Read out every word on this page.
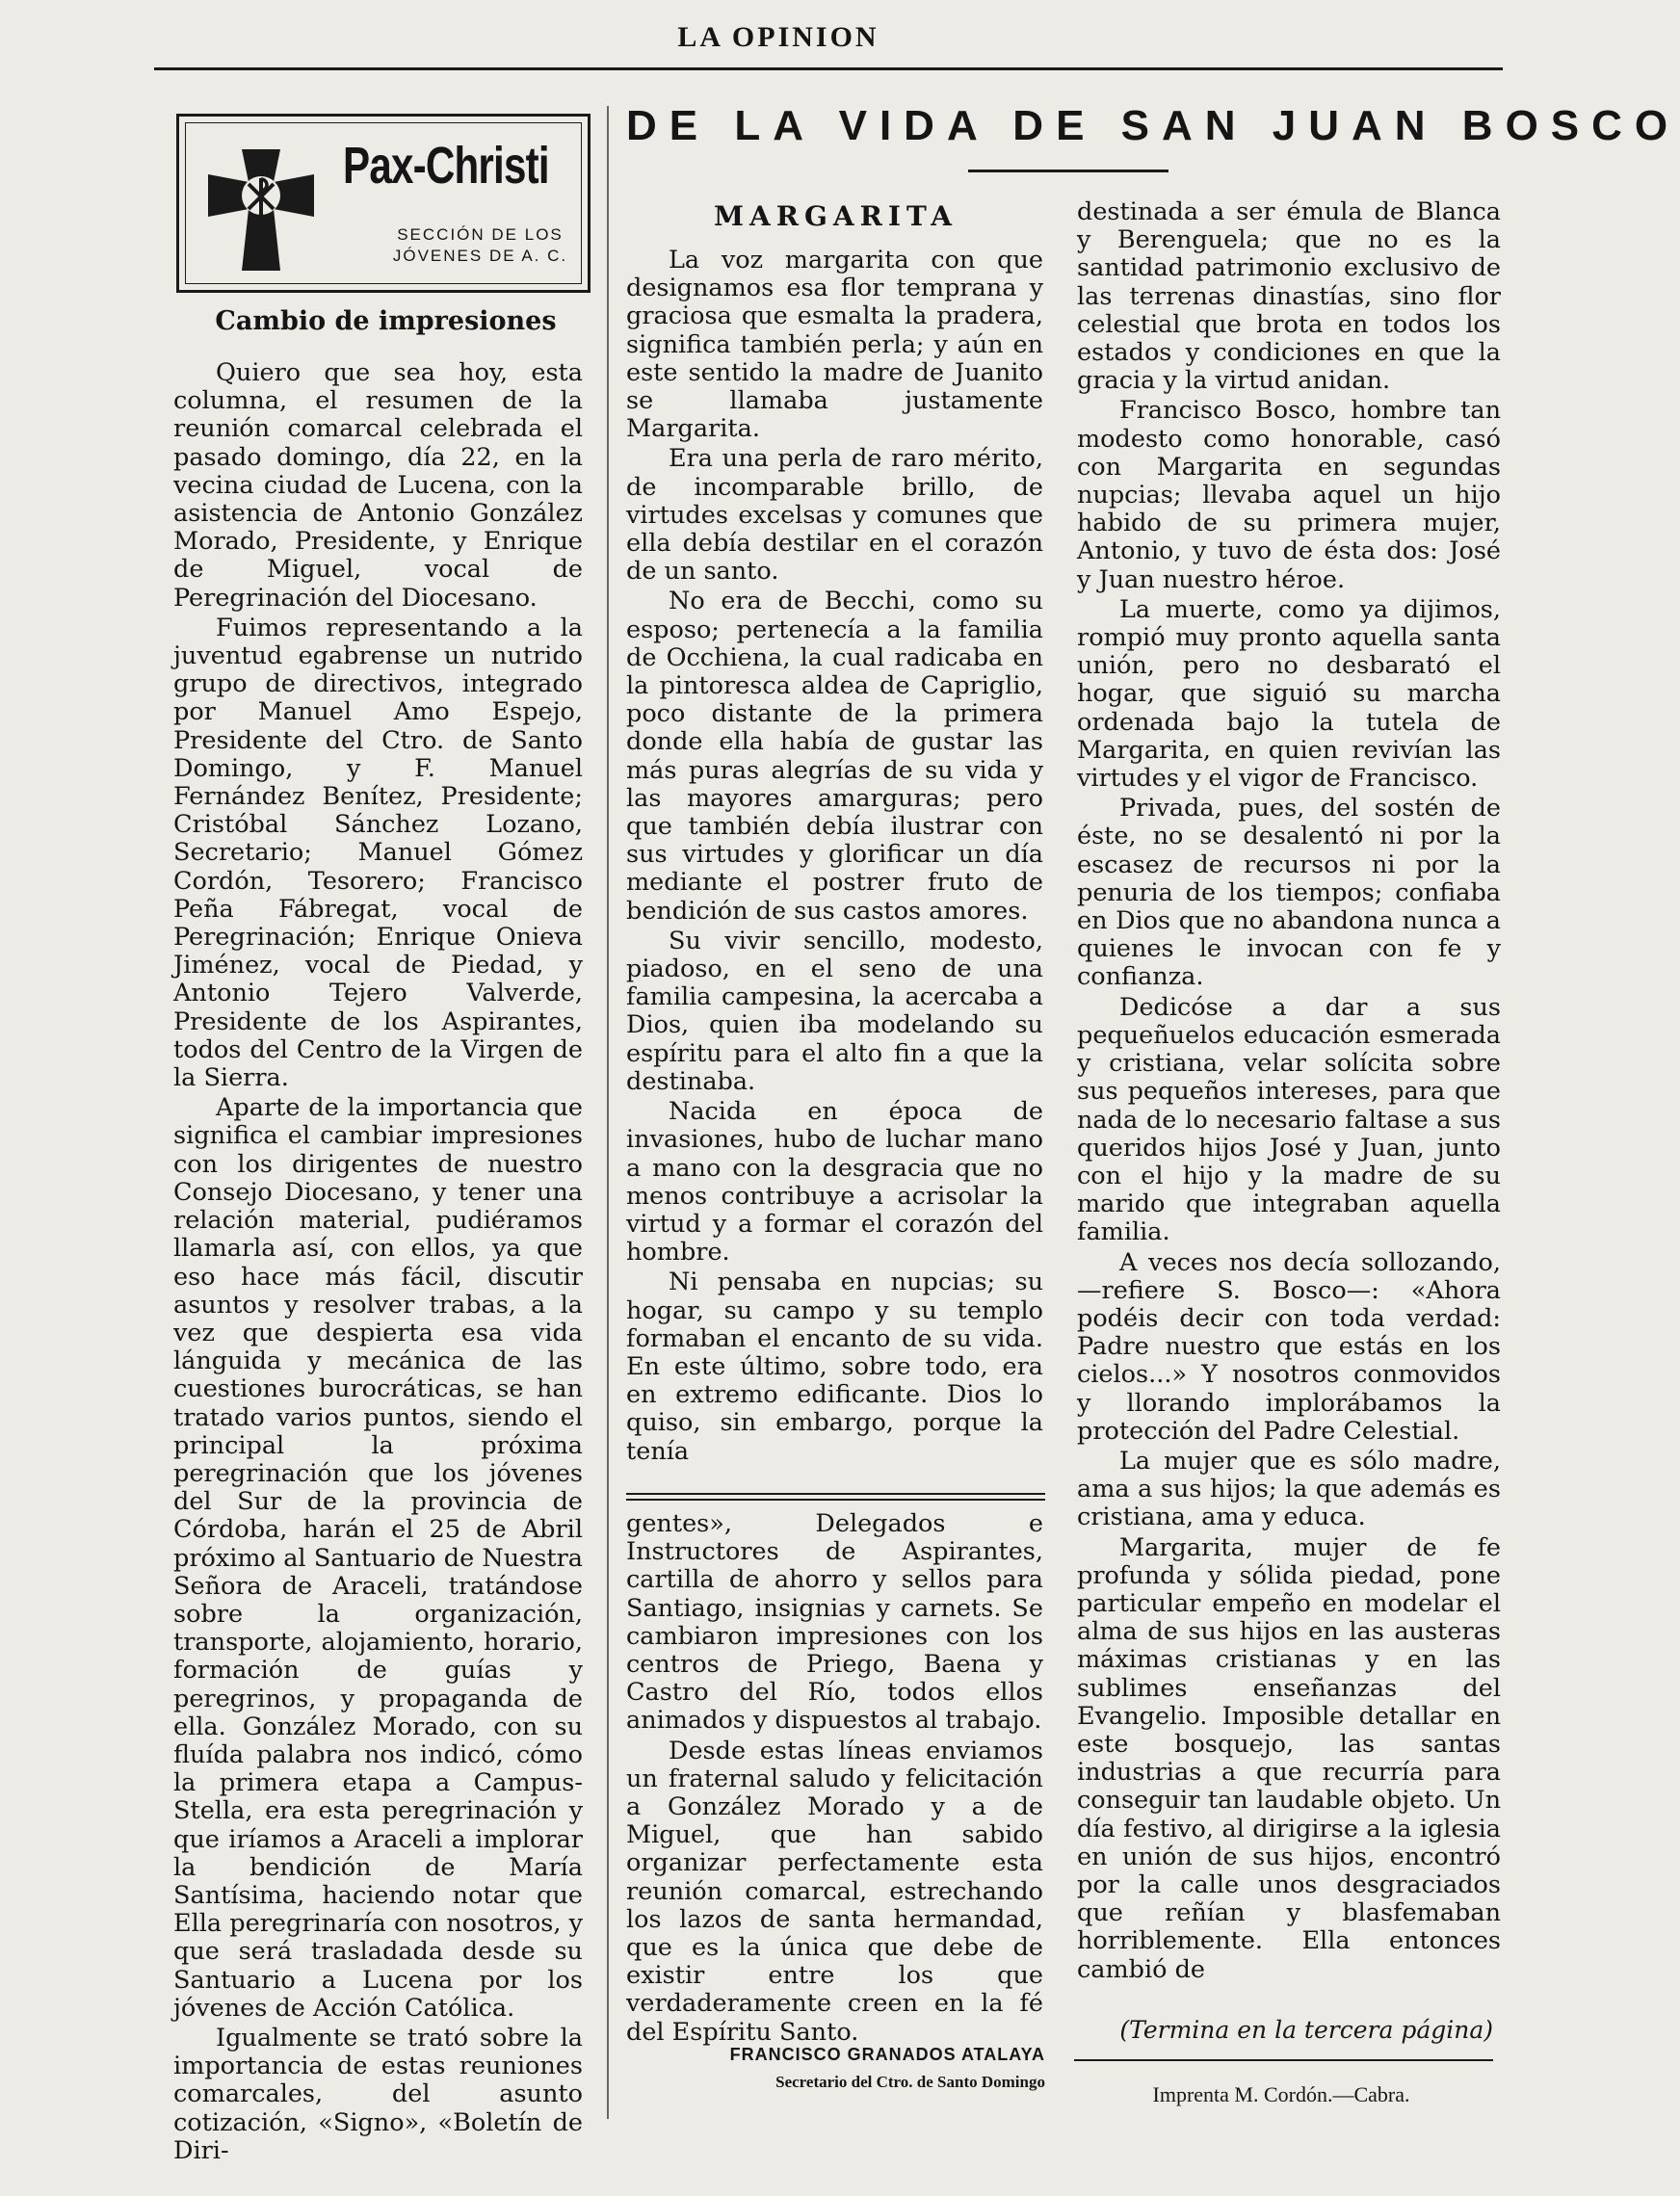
LA OPINION
Pax-Christi
SECCIÓN DE LOS
JÓVENES DE A. C.
Cambio de impresiones

Quiero que sea hoy, esta columna, el resumen de la reunión comarcal celebrada el pasado domingo, día 22, en la vecina ciudad de Lucena, con la asistencia de Antonio González Morado, Presidente, y Enrique de Miguel, vocal de Peregrinación del Diocesano.

Fuimos representando a la juventud egabrense un nutrido grupo de directivos, integrado por Manuel Amo Espejo, Presidente del Ctro. de Santo Domingo, y F. Manuel Fernández Benítez, Presidente; Cristóbal Sánchez Lozano, Secretario; Manuel Gómez Cordón, Tesorero; Francisco Peña Fábregat, vocal de Peregrinación; Enrique Onieva Jiménez, vocal de Piedad, y Antonio Tejero Valverde, Presidente de los Aspirantes, todos del Centro de la Virgen de la Sierra.

Aparte de la importancia que significa el cambiar impresiones con los dirigentes de nuestro Consejo Diocesano, y tener una relación material, pudiéramos llamarla así, con ellos, ya que eso hace más fácil, discutir asuntos y resolver trabas, a la vez que despierta esa vida lánguida y mecánica de las cuestiones burocráticas, se han tratado varios puntos, siendo el principal la próxima peregrinación que los jóvenes del Sur de la provincia de Córdoba, harán el 25 de Abril próximo al Santuario de Nuestra Señora de Araceli, tratándose sobre la organización, transporte, alojamiento, horario, formación de guías y peregrinos, y propaganda de ella. González Morado, con su fluída palabra nos indicó, cómo la primera etapa a Campus-Stella, era esta peregrinación y que iríamos a Araceli a implorar la bendición de María Santísima, haciendo notar que Ella peregrinaría con nosotros, y que será trasladada desde su Santuario a Lucena por los jóvenes de Acción Católica.

Igualmente se trató sobre la importancia de estas reuniones comarcales, del asunto cotización, «Signo», «Boletín de Diri-

DE LA VIDA DE SAN JUAN BOSCO
MARGARITA

La voz margarita con que designamos esa flor temprana y graciosa que esmalta la pradera, significa también perla; y aún en este sentido la madre de Juanito se llamaba justamente Margarita.

Era una perla de raro mérito, de incomparable brillo, de virtudes excelsas y comunes que ella debía destilar en el corazón de un santo.

No era de Becchi, como su esposo; pertenecía a la familia de Occhiena, la cual radicaba en la pintoresca aldea de Capriglio, poco distante de la primera donde ella había de gustar las más puras alegrías de su vida y las mayores amarguras; pero que también debía ilustrar con sus virtudes y glorificar un día mediante el postrer fruto de bendición de sus castos amores.

Su vivir sencillo, modesto, piadoso, en el seno de una familia campesina, la acercaba a Dios, quien iba modelando su espíritu para el alto fin a que la destinaba.

Nacida en época de invasiones, hubo de luchar mano a mano con la desgracia que no menos contribuye a acrisolar la virtud y a formar el corazón del hombre.

Ni pensaba en nupcias; su hogar, su campo y su templo formaban el encanto de su vida. En este último, sobre todo, era en extremo edificante. Dios lo quiso, sin embargo, porque la tenía

gentes», Delegados e Instructores de Aspirantes, cartilla de ahorro y sellos para Santiago, insignias y carnets. Se cambiaron impresiones con los centros de Priego, Baena y Castro del Río, todos ellos animados y dispuestos al trabajo.

Desde estas líneas enviamos un fraternal saludo y felicitación a González Morado y a de Miguel, que han sabido organizar perfectamente esta reunión comarcal, estrechando los lazos de santa hermandad, que es la única que debe de existir entre los que verdaderamente creen en la fé del Espíritu Santo.

FRANCISCO GRANADOS ATALAYA
Secretario del Ctro. de Santo Domingo

destinada a ser émula de Blanca y Berenguela; que no es la santidad patrimonio exclusivo de las terrenas dinastías, sino flor celestial que brota en todos los estados y condiciones en que la gracia y la virtud anidan.

Francisco Bosco, hombre tan modesto como honorable, casó con Margarita en segundas nupcias; llevaba aquel un hijo habido de su primera mujer, Antonio, y tuvo de ésta dos: José y Juan nuestro héroe.

La muerte, como ya dijimos, rompió muy pronto aquella santa unión, pero no desbarató el hogar, que siguió su marcha ordenada bajo la tutela de Margarita, en quien revivían las virtudes y el vigor de Francisco.

Privada, pues, del sostén de éste, no se desalentó ni por la escasez de recursos ni por la penuria de los tiempos; confiaba en Dios que no abandona nunca a quienes le invocan con fe y confianza.

Dedicóse a dar a sus pequeñuelos educación esmerada y cristiana, velar solícita sobre sus pequeños intereses, para que nada de lo necesario faltase a sus queridos hijos José y Juan, junto con el hijo y la madre de su marido que integraban aquella familia.

A veces nos decía sollozando, —refiere S. Bosco—: «Ahora podéis decir con toda verdad: Padre nuestro que estás en los cielos...» Y nosotros conmovidos y llorando implorábamos la protección del Padre Celestial.

La mujer que es sólo madre, ama a sus hijos; la que además es cristiana, ama y educa.

Margarita, mujer de fe profunda y sólida piedad, pone particular empeño en modelar el alma de sus hijos en las austeras máximas cristianas y en las sublimes enseñanzas del Evangelio. Imposible detallar en este bosquejo, las santas industrias a que recurría para conseguir tan laudable objeto. Un día festivo, al dirigirse a la iglesia en unión de sus hijos, encontró por la calle unos desgraciados que reñían y blasfemaban horriblemente. Ella entonces cambió de

(Termina en la tercera página)
Imprenta M. Cordón.—Cabra.
